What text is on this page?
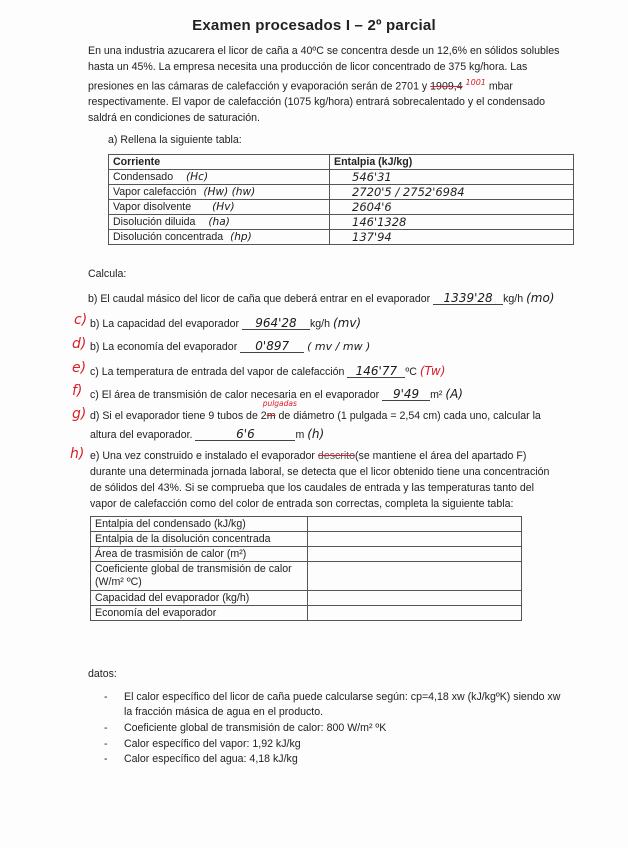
Examen procesados I – 2º parcial
En una industria azucarera el licor de caña a 40ºC se concentra desde un 12,6% en sólidos solubles hasta un 45%. La empresa necesita una producción de licor concentrado de 375 kg/hora. Las presiones en las cámaras de calefacción y evaporación serán de 2701 y 1909,4 $^{1001}$ mbar respectivamente. El vapor de calefacción (1075 kg/hora) entrará sobrecalentado y el condensado saldrá en condiciones de saturación.
a) Rellena la siguiente tabla:
Corriente	Entalpia (kJ/kg)
Condensado (Hc)	546'31
Vapor calefacción (Hw) (hw)	2720'5 / 2752'6984
Vapor disolvente (Hv)	2604'6
Disolución diluida (ha)	146'1328
Disolución concentrada (hp)	137'94
Calcula:
b) El caudal másico del licor de caña que deberá entrar en el evaporador 1339'28 kg/h (mo)
c) b) La capacidad del evaporador 964'28 kg/h (mv)
d) b) La economía del evaporador 0'897 ( mv / mw )
e) c) La temperatura de entrada del vapor de calefacción 146'77 ºC (Tw)
f) c) El área de transmisión de calor necesaria en el evaporador 9'49 m² (A)
g) d) Si el evaporador tiene 9 tubos de 2m
pulgadas
de diámetro (1 pulgada = 2,54 cm) cada uno, calcular la
altura del evaporador.	6'6	m (h)
h) e) Una vez construido e instalado el evaporador descrito(se mantiene el área del apartado F)
durante una determinada jornada laboral, se detecta que el licor obtenido tiene una concentración
de sólidos del 43%. Si se comprueba que los caudales de entrada y las temperaturas tanto del
vapor de calefacción como del color de entrada son correctas, completa la siguiente tabla:
Entalpia del condensado (kJ/kg)	
Entalpia de la disolución concentrada	
Área de trasmisión de calor (m²)	
Coeficiente global de transmisión de calor (W/m² ºC)	
Capacidad del evaporador (kg/h)	
Economía del evaporador	
datos:
- El calor específico del licor de caña puede calcularse según: cp=4,18 xw (kJ/kgºK) siendo xw la fracción másica de agua en el producto.
- Coeficiente global de transmisión de calor: 800 W/m² ºK
- Calor específico del vapor: 1,92 kJ/kg
- Calor específico del agua: 4,18 kJ/kg
